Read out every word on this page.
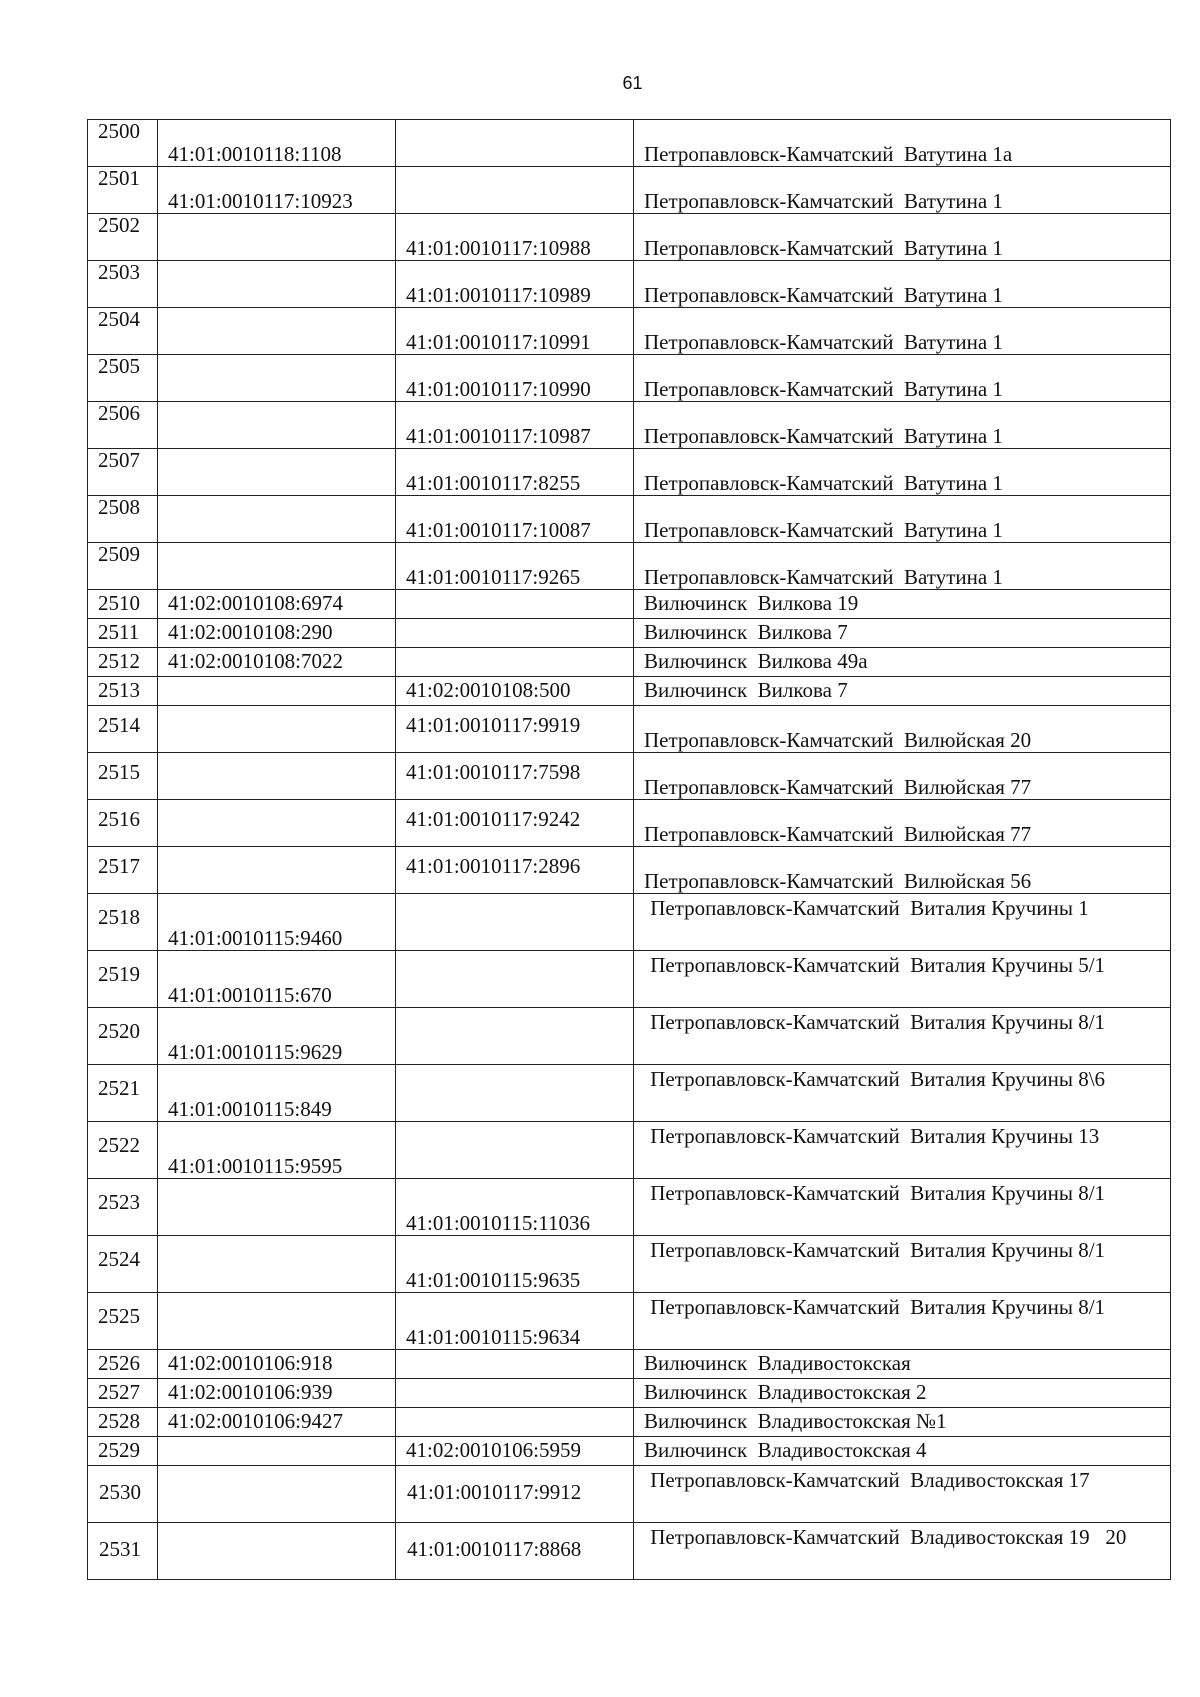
61
2500	41:01:0010118:1108		Петропавловск-Камчатский  Ватутина 1а
2501	41:01:0010117:10923		Петропавловск-Камчатский  Ватутина 1
2502		41:01:0010117:10988	Петропавловск-Камчатский  Ватутина 1
2503		41:01:0010117:10989	Петропавловск-Камчатский  Ватутина 1
2504		41:01:0010117:10991	Петропавловск-Камчатский  Ватутина 1
2505		41:01:0010117:10990	Петропавловск-Камчатский  Ватутина 1
2506		41:01:0010117:10987	Петропавловск-Камчатский  Ватутина 1
2507		41:01:0010117:8255	Петропавловск-Камчатский  Ватутина 1
2508		41:01:0010117:10087	Петропавловск-Камчатский  Ватутина 1
2509		41:01:0010117:9265	Петропавловск-Камчатский  Ватутина 1
2510	41:02:0010108:6974		Вилючинск  Вилкова 19
2511	41:02:0010108:290		Вилючинск  Вилкова 7
2512	41:02:0010108:7022		Вилючинск  Вилкова 49а
2513		41:02:0010108:500	Вилючинск  Вилкова 7
2514		41:01:0010117:9919	Петропавловск-Камчатский  Вилюйская 20
2515		41:01:0010117:7598	Петропавловск-Камчатский  Вилюйская 77
2516		41:01:0010117:9242	Петропавловск-Камчатский  Вилюйская 77
2517		41:01:0010117:2896	Петропавловск-Камчатский  Вилюйская 56
2518	41:01:0010115:9460		Петропавловск-Камчатский  Виталия Кручины 1
2519	41:01:0010115:670		Петропавловск-Камчатский  Виталия Кручины 5/1
2520	41:01:0010115:9629		Петропавловск-Камчатский  Виталия Кручины 8/1
2521	41:01:0010115:849		Петропавловск-Камчатский  Виталия Кручины 8\6
2522	41:01:0010115:9595		Петропавловск-Камчатский  Виталия Кручины 13
2523		41:01:0010115:11036	Петропавловск-Камчатский  Виталия Кручины 8/1
2524		41:01:0010115:9635	Петропавловск-Камчатский  Виталия Кручины 8/1
2525		41:01:0010115:9634	Петропавловск-Камчатский  Виталия Кручины 8/1
2526	41:02:0010106:918		Вилючинск  Владивостокская
2527	41:02:0010106:939		Вилючинск  Владивостокская 2
2528	41:02:0010106:9427		Вилючинск  Владивостокская №1
2529		41:02:0010106:5959	Вилючинск  Владивостокская 4
2530		41:01:0010117:9912	Петропавловск-Камчатский  Владивостокская 17
2531		41:01:0010117:8868	Петропавловск-Камчатский  Владивостокская 19   20
